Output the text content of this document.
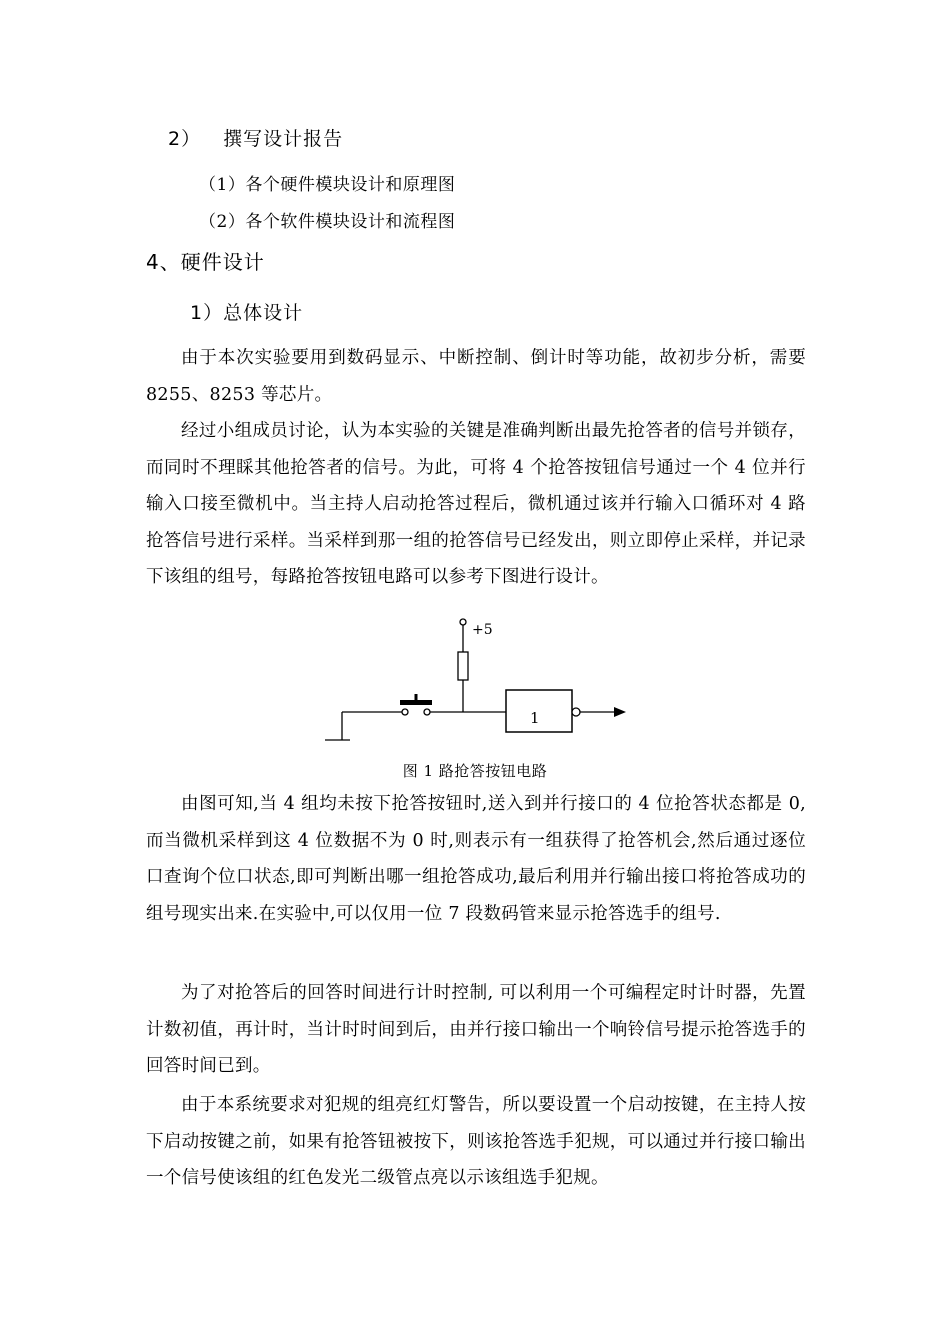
2） 撰写设计报告
（1）各个硬件模块设计和原理图
（2）各个软件模块设计和流程图
4、硬件设计
1）总体设计

由于本次实验要用到数码显示、中断控制、倒计时等功能，故初步分析，需要 8255、8253 等芯片。

经过小组成员讨论，认为本实验的关键是准确判断出最先抢答者的信号并锁存，而同时不理睬其他抢答者的信号。为此，可将 4 个抢答按钮信号通过一个 4 位并行输入口接至微机中。当主持人启动抢答过程后，微机通过该并行输入口循环对 4 路抢答信号进行采样。当采样到那一组的抢答信号已经发出，则立即停止采样，并记录下该组的组号，每路抢答按钮电路可以参考下图进行设计。

+5
1
图 1 路抢答按钮电路

由图可知,当 4 组均未按下抢答按钮时,送入到并行接口的 4 位抢答状态都是 0,而当微机采样到这 4 位数据不为 0 时,则表示有一组获得了抢答机会,然后通过逐位口查询个位口状态,即可判断出哪一组抢答成功,最后利用并行输出接口将抢答成功的组号现实出来.在实验中,可以仅用一位 7 段数码管来显示抢答选手的组号.

为了对抢答后的回答时间进行计时控制, 可以利用一个可编程定时计时器，先置计数初值，再计时，当计时时间到后，由并行接口输出一个响铃信号提示抢答选手的回答时间已到。

由于本系统要求对犯规的组亮红灯警告，所以要设置一个启动按键，在主持人按下启动按键之前，如果有抢答钮被按下，则该抢答选手犯规，可以通过并行接口输出一个信号使该组的红色发光二级管点亮以示该组选手犯规。
